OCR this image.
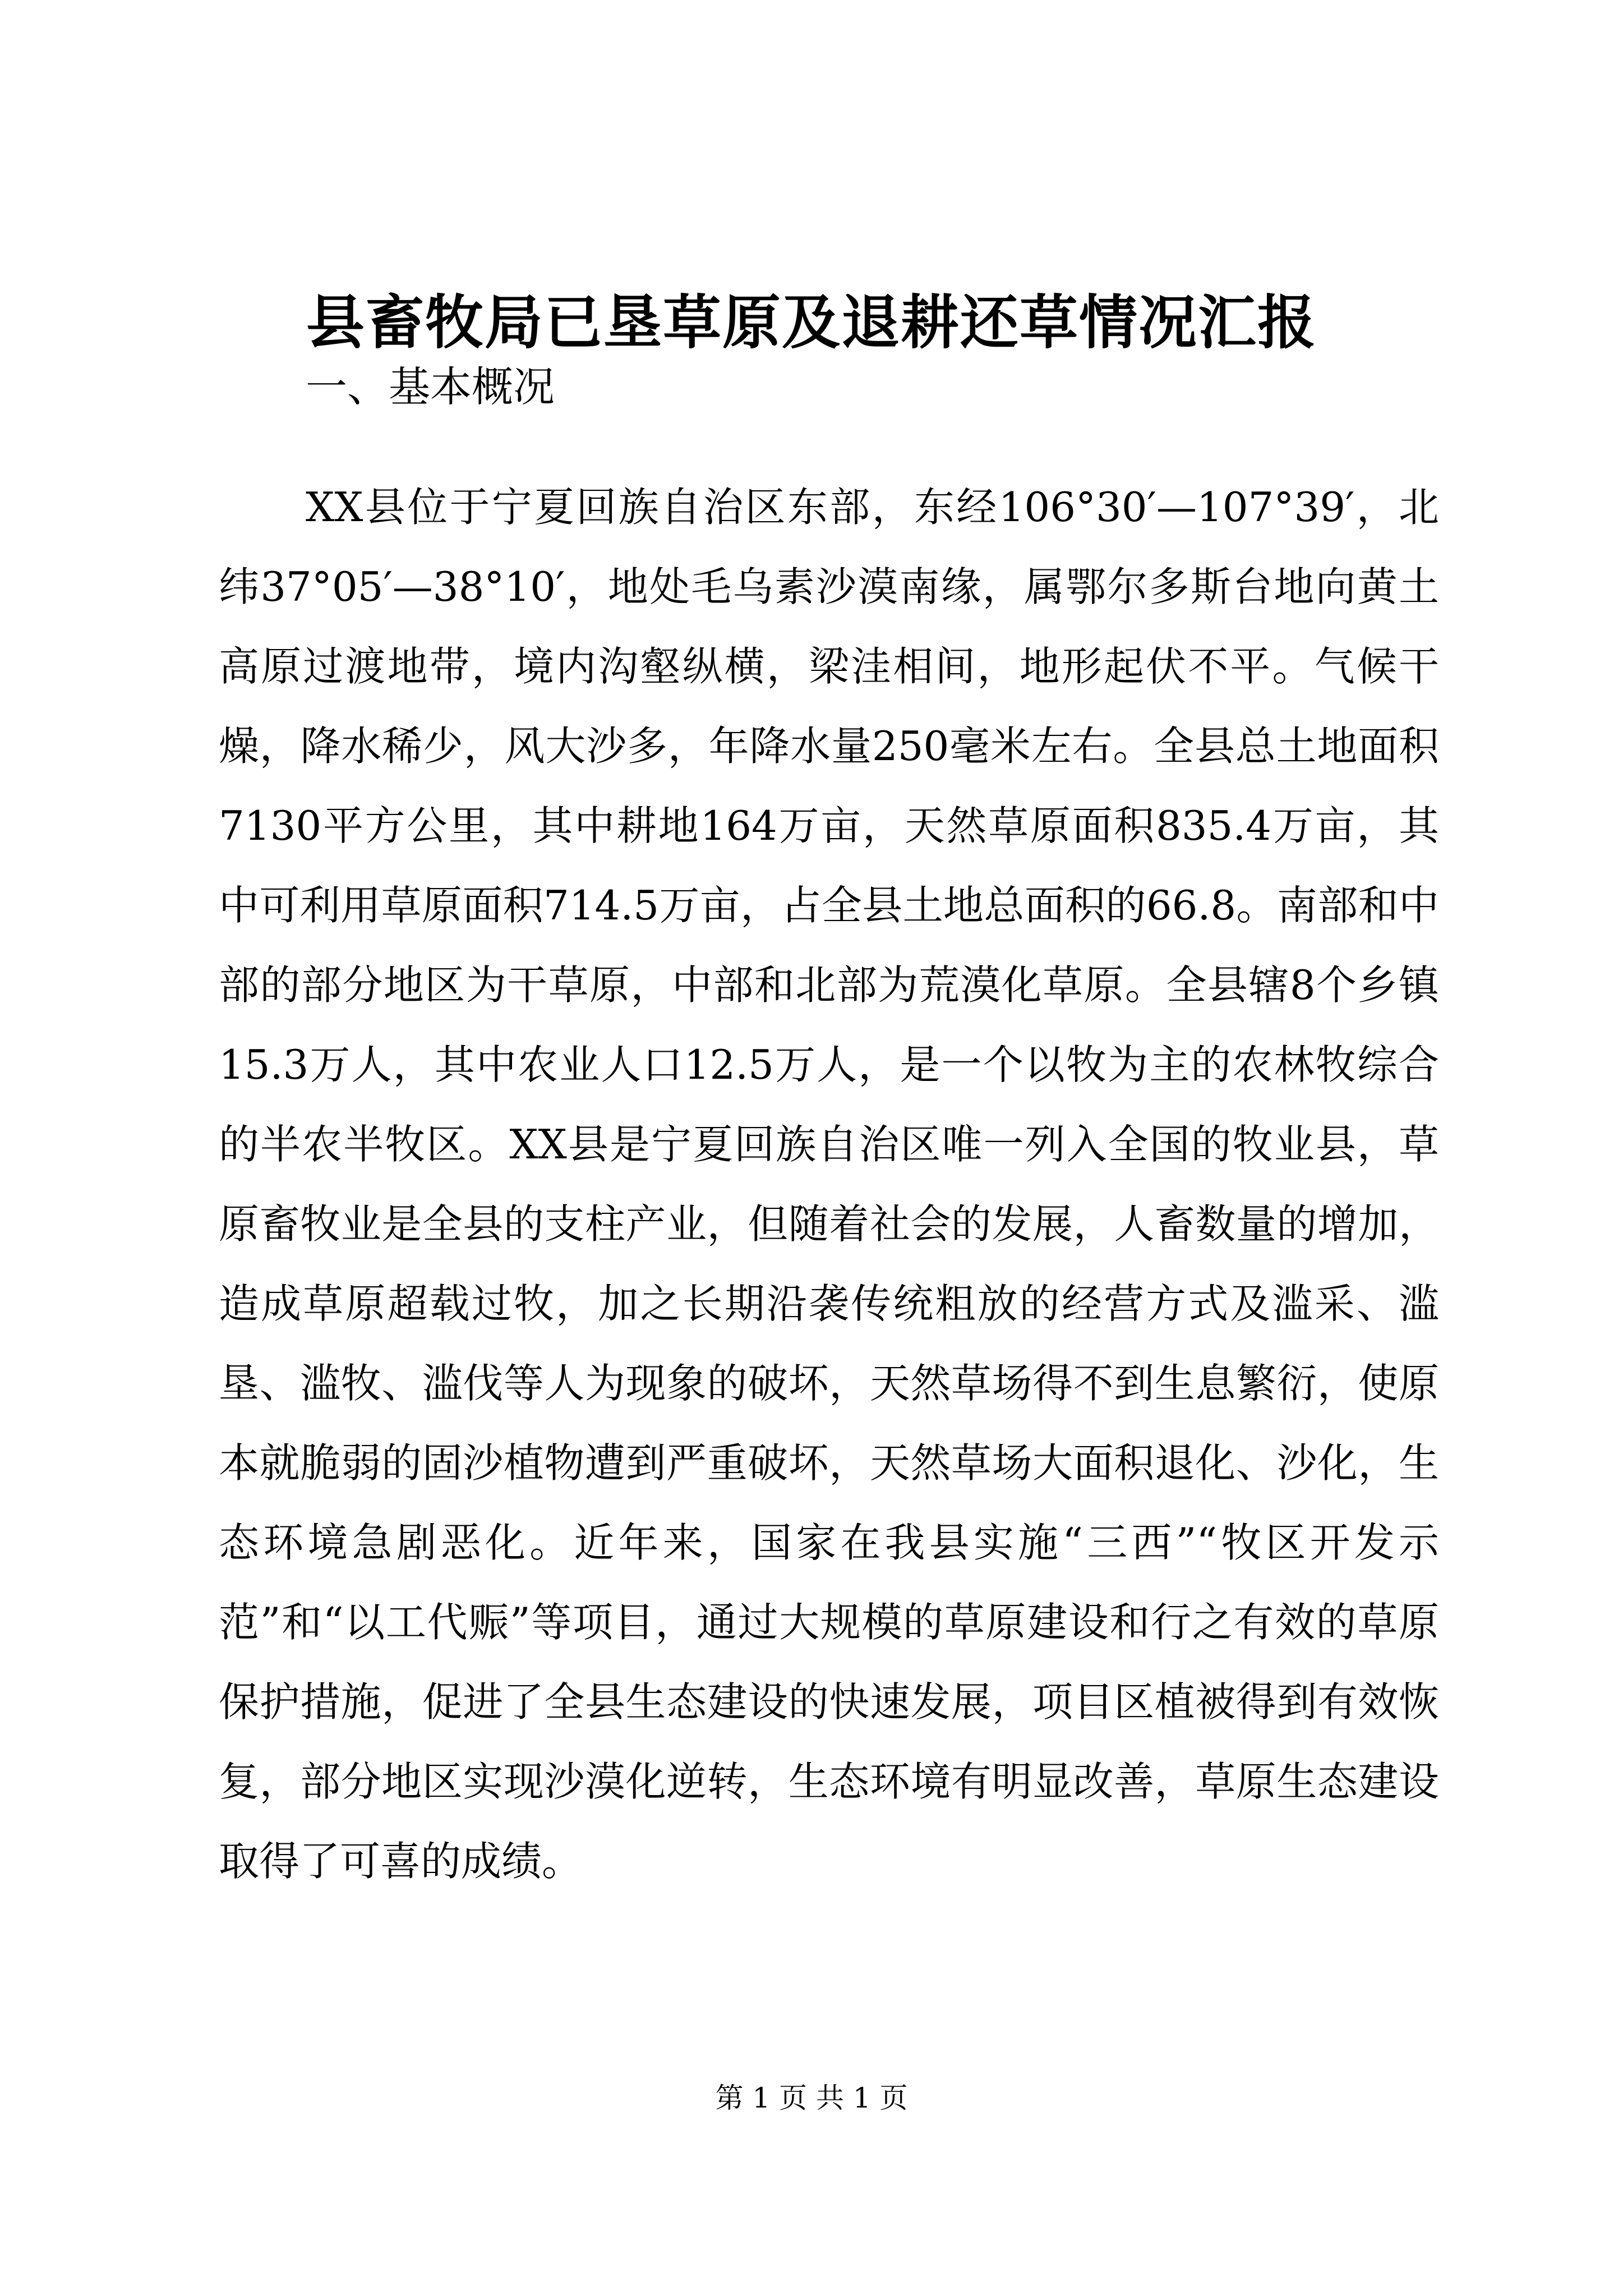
县畜牧局已垦草原及退耕还草情况汇报
一、基本概况

XX县位于宁夏回族自治区东部，东经106°30′—107°39′，北纬37°05′—38°10′，地处毛乌素沙漠南缘，属鄂尔多斯台地向黄土高原过渡地带，境内沟壑纵横，梁洼相间，地形起伏不平。气候干燥，降水稀少，风大沙多，年降水量250毫米左右。全县总土地面积7130平方公里，其中耕地164万亩，天然草原面积835.4万亩，其中可利用草原面积714.5万亩，占全县土地总面积的66.8。南部和中部的部分地区为干草原，中部和北部为荒漠化草原。全县辖8个乡镇15.3万人，其中农业人口12.5万人，是一个以牧为主的农林牧综合的半农半牧区。XX县是宁夏回族自治区唯一列入全国的牧业县，草原畜牧业是全县的支柱产业，但随着社会的发展，人畜数量的增加，造成草原超载过牧，加之长期沿袭传统粗放的经营方式及滥采、滥垦、滥牧、滥伐等人为现象的破坏，天然草场得不到生息繁衍，使原本就脆弱的固沙植物遭到严重破坏，天然草场大面积退化、沙化，生态环境急剧恶化。近年来，国家在我县实施“三西”“牧区开发示范”和“以工代赈”等项目，通过大规模的草原建设和行之有效的草原保护措施，促进了全县生态建设的快速发展，项目区植被得到有效恢复，部分地区实现沙漠化逆转，生态环境有明显改善，草原生态建设取得了可喜的成绩。

第 1 页 共 1 页
